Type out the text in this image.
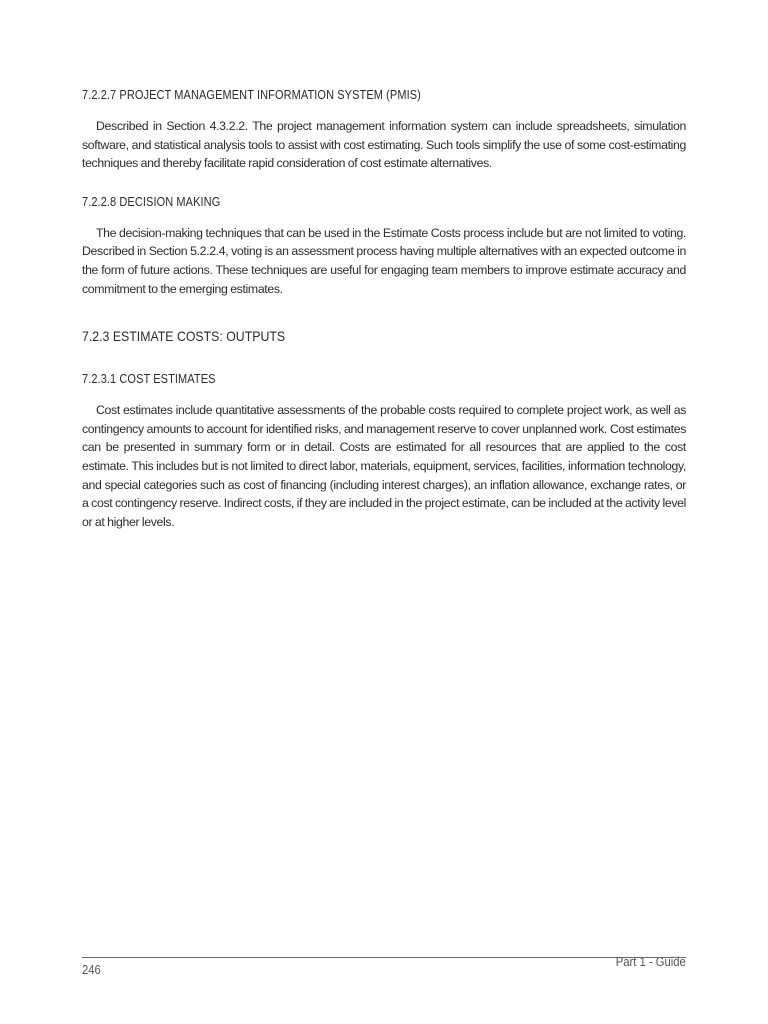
7.2.2.7 PROJECT MANAGEMENT INFORMATION SYSTEM (PMIS)

Described in Section 4.3.2.2. The project management information system can include spreadsheets, simulation software, and statistical analysis tools to assist with cost estimating. Such tools simplify the use of some cost-estimating techniques and thereby facilitate rapid consideration of cost estimate alternatives.

7.2.2.8 DECISION MAKING

The decision-making techniques that can be used in the Estimate Costs process include but are not limited to voting. Described in Section 5.2.2.4, voting is an assessment process having multiple alternatives with an expected outcome in the form of future actions. These techniques are useful for engaging team members to improve estimate accuracy and commitment to the emerging estimates.

7.2.3 ESTIMATE COSTS: OUTPUTS
7.2.3.1 COST ESTIMATES

Cost estimates include quantitative assessments of the probable costs required to complete project work, as well as contingency amounts to account for identified risks, and management reserve to cover unplanned work. Cost estimates can be presented in summary form or in detail. Costs are estimated for all resources that are applied to the cost estimate. This includes but is not limited to direct labor, materials, equipment, services, facilities, information technology, and special categories such as cost of financing (including interest charges), an inflation allowance, exchange rates, or a cost contingency reserve. Indirect costs, if they are included in the project estimate, can be included at the activity level or at higher levels.

Part 1 - Guide
246
